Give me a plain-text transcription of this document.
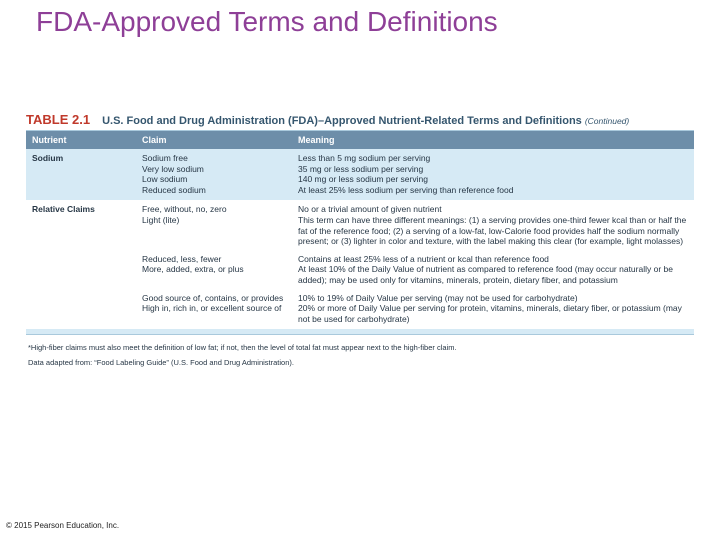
FDA-Approved Terms and Definitions
TABLE 2.1 U.S. Food and Drug Administration (FDA)–Approved Nutrient-Related Terms and Definitions (Continued)
Nutrient	Claim	Meaning
Sodium	Sodium free	Less than 5 mg sodium per serving
	Very low sodium	35 mg or less sodium per serving
	Low sodium	140 mg or less sodium per serving
	Reduced sodium	At least 25% less sodium per serving than reference food
Relative Claims	Free, without, no, zero	No or a trivial amount of given nutrient
	Light (lite)	This term can have three different meanings: (1) a serving provides one-third fewer kcal than or half the fat of the reference food; (2) a serving of a low-fat, low-Calorie food provides half the sodium normally present; or (3) lighter in color and texture, with the label making this clear (for example, light molasses)
	Reduced, less, fewer	Contains at least 25% less of a nutrient or kcal than reference food
	More, added, extra, or plus	At least 10% of the Daily Value of nutrient as compared to reference food (may occur naturally or be added); may be used only for vitamins, minerals, protein, dietary fiber, and potassium
	Good source of, contains, or provides	10% to 19% of Daily Value per serving (may not be used for carbohydrate)
	High in, rich in, or excellent source of	20% or more of Daily Value per serving for protein, vitamins, minerals, dietary fiber, or potassium (may not be used for carbohydrate)
*High-fiber claims must also meet the definition of low fat; if not, then the level of total fat must appear next to the high-fiber claim.
Data adapted from: “Food Labeling Guide” (U.S. Food and Drug Administration).
© 2015 Pearson Education, Inc.
